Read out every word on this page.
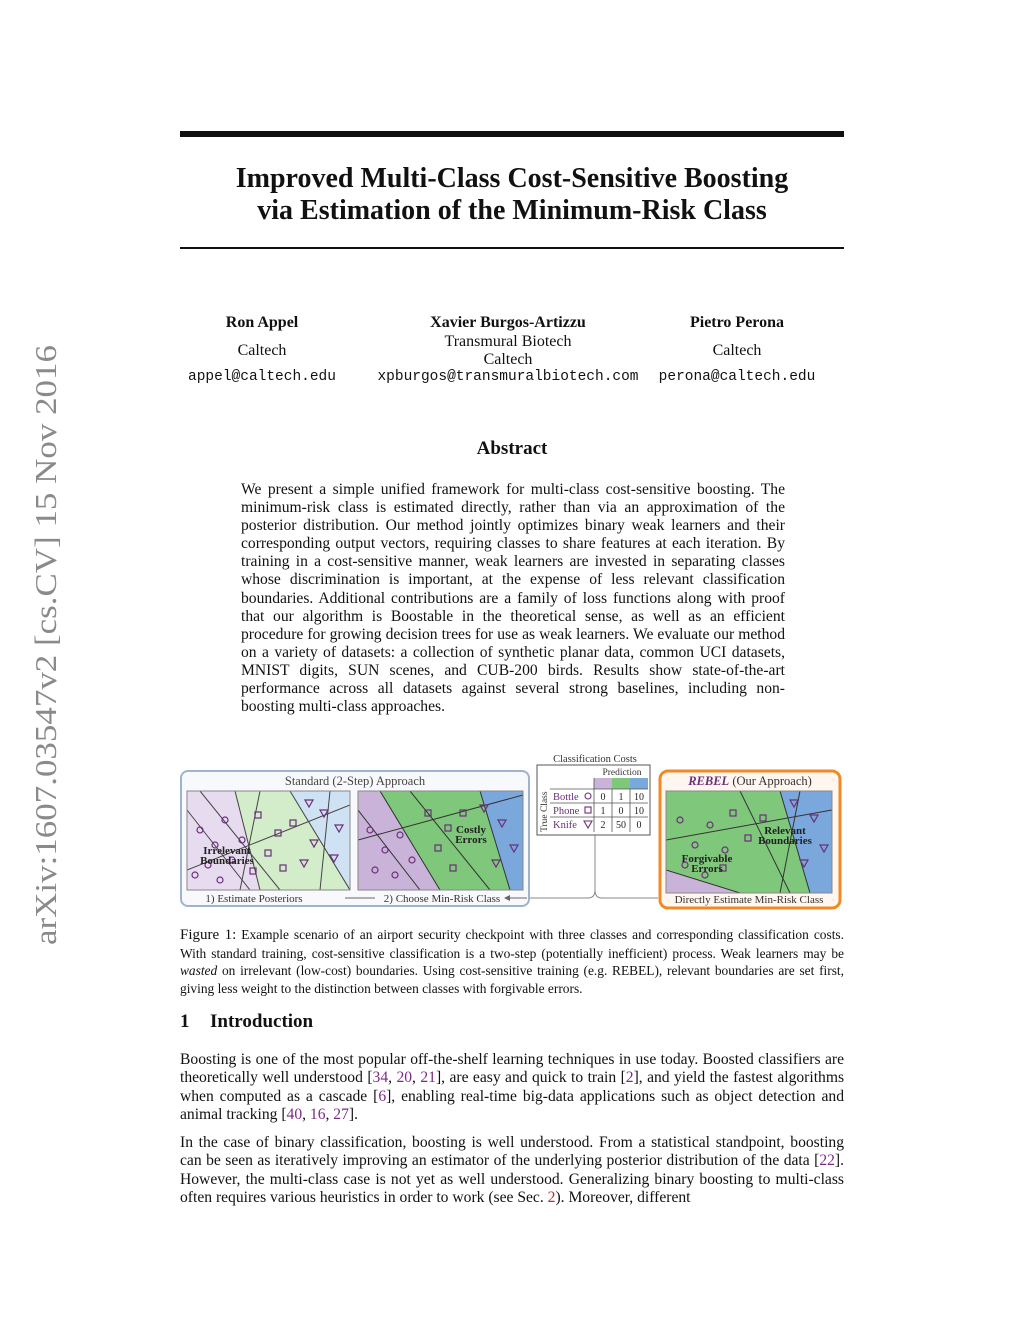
arXiv:1607.03547v2 [cs.CV] 15 Nov 2016
Improved Multi-Class Cost-Sensitive Boosting
via Estimation of the Minimum-Risk Class
Ron Appel
Caltech
appel@caltech.edu
Xavier Burgos-Artizzu
Transmural Biotech
Caltech
xpburgos@transmuralbiotech.com
Pietro Perona
Caltech
perona@caltech.edu
Abstract
We present a simple unified framework for multi-class cost-sensitive boosting. The minimum-risk class is estimated directly, rather than via an approximation of the posterior distribution. Our method jointly optimizes binary weak learners and their corresponding output vectors, requiring classes to share features at each iteration. By training in a cost-sensitive manner, weak learners are invested in separating classes whose discrimination is important, at the expense of less relevant classification boundaries. Additional contributions are a family of loss functions along with proof that our algorithm is Boostable in the theoretical sense, as well as an efficient procedure for growing decision trees for use as weak learners. We evaluate our method on a variety of datasets: a collection of synthetic planar data, common UCI datasets, MNIST digits, SUN scenes, and CUB-200 birds. Results show state-of-the-art performance across all datasets against several strong baselines, including non-boosting multi-class approaches.
Standard (2-Step) Approach
Irrelevant
Boundaries
Costly
Errors
1) Estimate Posteriors	2) Choose Min-Risk Class
Classification Costs
Prediction
True Class Bottle
Phone
Knife
0 1 10
1 0 10
2 50 0
REBEL (Our Approach)
Relevant
Boundaries
Forgivable
Errors
Directly Estimate Min-Risk Class
Figure 1: Example scenario of an airport security checkpoint with three classes and corresponding classification costs. With standard training, cost-sensitive classification is a two-step (potentially inefficient) process. Weak learners may be wasted on irrelevant (low-cost) boundaries. Using cost-sensitive training (e.g. REBEL), relevant boundaries are set first, giving less weight to the distinction between classes with forgivable errors.
1 Introduction
Boosting is one of the most popular off-the-shelf learning techniques in use today. Boosted classifiers are theoretically well understood [34, 20, 21], are easy and quick to train [2], and yield the fastest algorithms when computed as a cascade [6], enabling real-time big-data applications such as object detection and animal tracking [40, 16, 27].
In the case of binary classification, boosting is well understood. From a statistical standpoint, boosting can be seen as iteratively improving an estimator of the underlying posterior distribution of the data [22]. However, the multi-class case is not yet as well understood. Generalizing binary boosting to multi-class often requires various heuristics in order to work (see Sec. 2). Moreover, different
